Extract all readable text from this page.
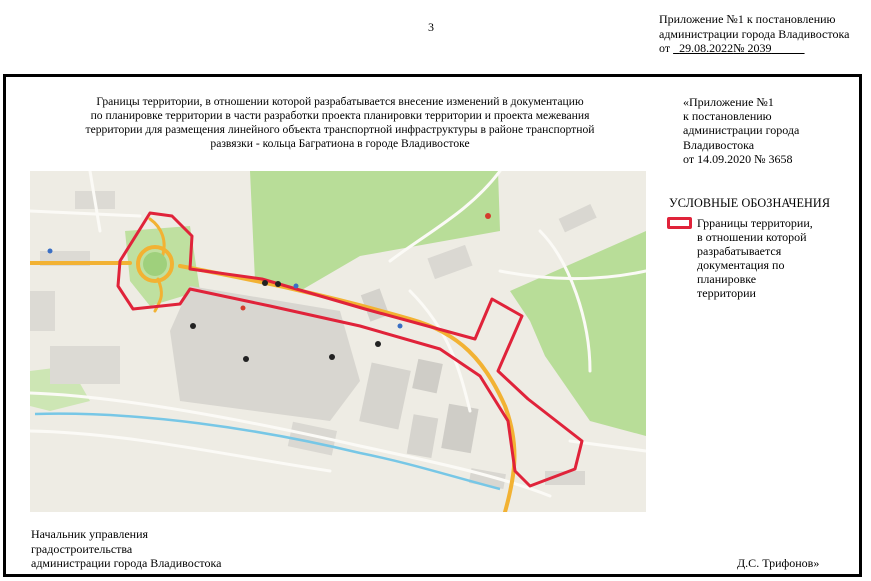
3
Приложение №1 к постановлению
администрации города Владивостока
от 29.08.2022№ 2039
Границы территории, в отношении которой разрабатывается внесение изменений в документацию
по планировке территории в части разработки проекта планировки территории и проекта межевания
территории для размещения линейного объекта транспортной инфраструктуры в районе транспортной
развязки - кольца Багратиона в городе Владивостоке
«Приложение №1
к постановлению
администрации города
Владивостока
от 14.09.2020 № 3658
УСЛОВНЫЕ ОБОЗНАЧЕНИЯ
Грраницы территории,
в отношении которой
разрабатывается
документация по
планировке
территории
Начальник управления
градостроительства
администрации города Владивостока	Д.С. Трифонов»
